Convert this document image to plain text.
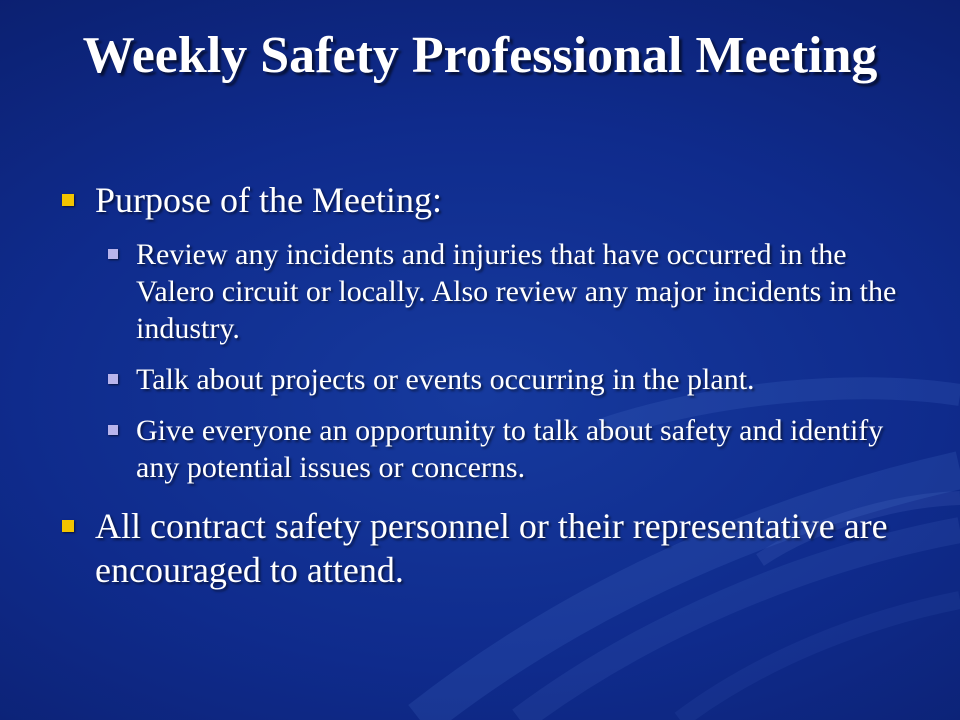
Weekly Safety Professional Meeting
Purpose of the Meeting:
Review any incidents and injuries that have occurred in the Valero circuit or locally. Also review any major incidents in the industry.
Talk about projects or events occurring in the plant.
Give everyone an opportunity to talk about safety and identify any potential issues or concerns.
All contract safety personnel or their representative are encouraged to attend.
